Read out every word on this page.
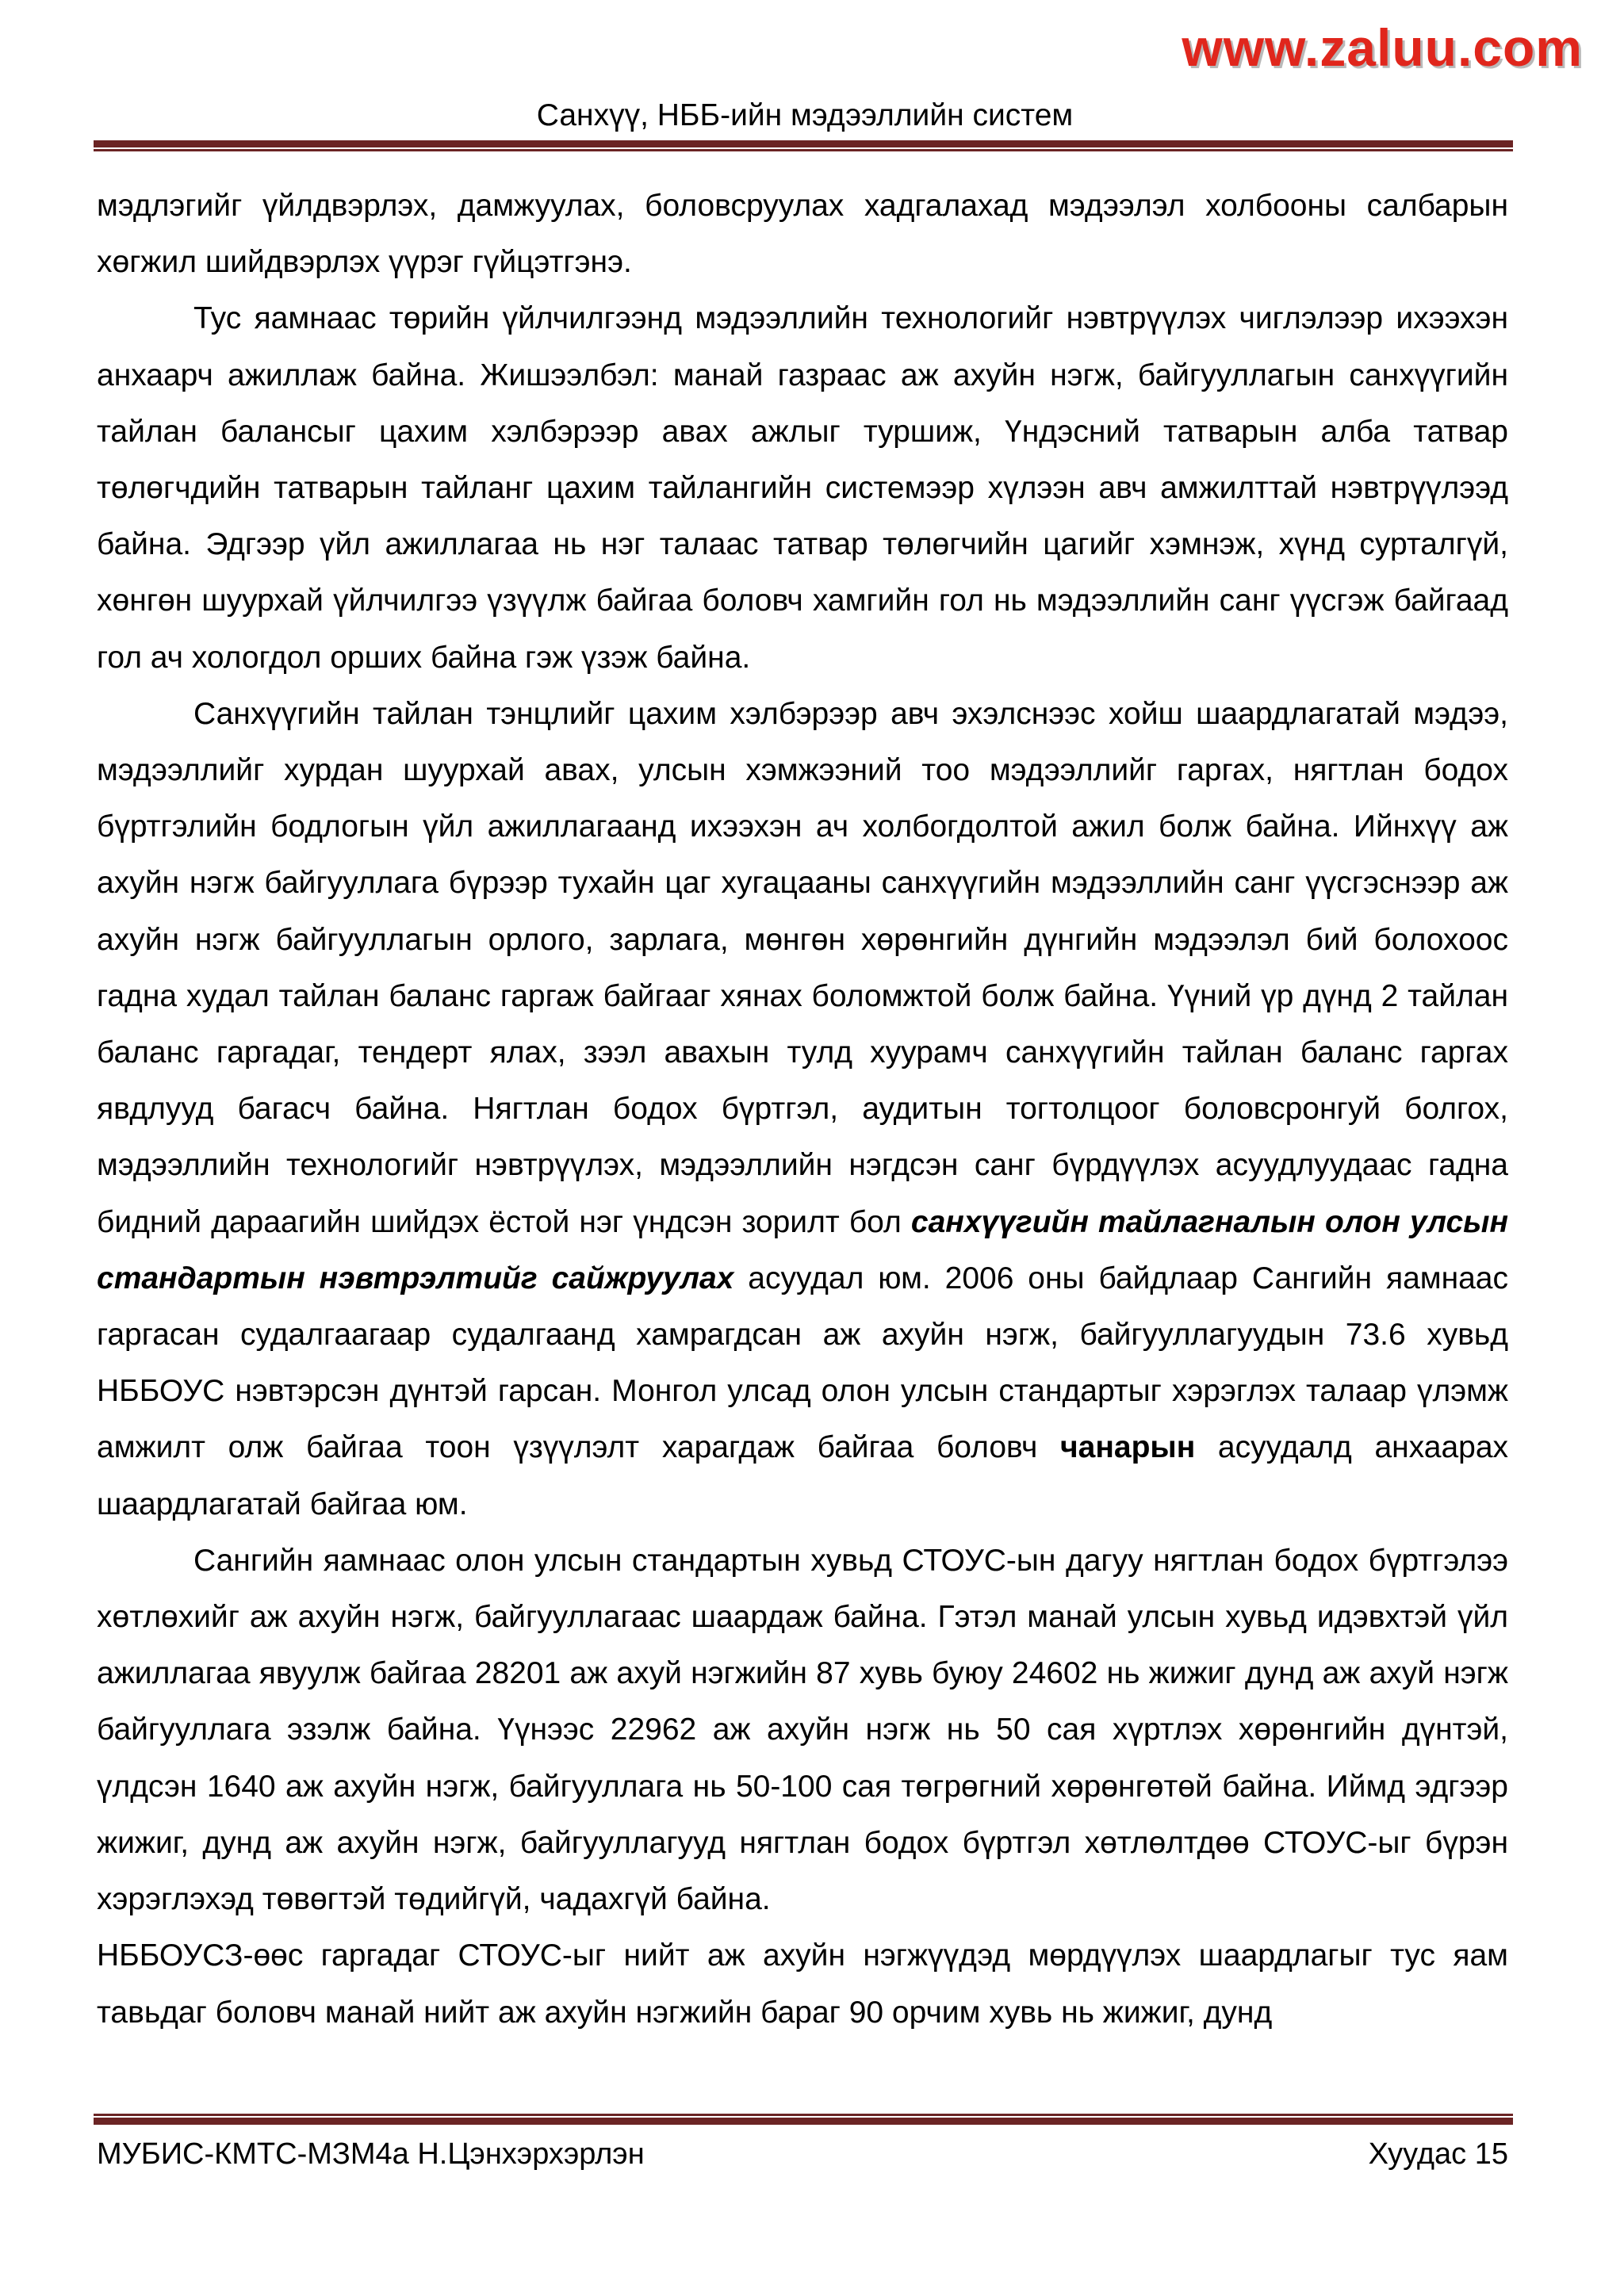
www.zaluu.com
Санхүү, НББ-ийн мэдээллийн систем

мэдлэгийг үйлдвэрлэх, дамжуулах, боловсруулах хадгалахад мэдээлэл холбооны салбарын хөгжил шийдвэрлэх үүрэг гүйцэтгэнэ.

Тус яамнаас төрийн үйлчилгээнд мэдээллийн технологийг нэвтрүүлэх чиглэлээр ихээхэн анхаарч ажиллаж байна. Жишээлбэл: манай газраас аж ахуйн нэгж, байгууллагын санхүүгийн тайлан балансыг цахим хэлбэрээр авах ажлыг туршиж, Үндэсний татварын алба татвар төлөгчдийн татварын тайланг цахим тайлангийн системээр хүлээн авч амжилттай нэвтрүүлээд байна. Эдгээр үйл ажиллагаа нь нэг талаас татвар төлөгчийн цагийг хэмнэж, хүнд сурталгүй, хөнгөн шуурхай үйлчилгээ үзүүлж байгаа боловч хамгийн гол нь мэдээллийн санг үүсгэж байгаад гол ач хологдол орших байна гэж үзэж байна.

Санхүүгийн тайлан тэнцлийг цахим хэлбэрээр авч эхэлснээс хойш шаардлагатай мэдээ, мэдээллийг хурдан шуурхай авах, улсын хэмжээний тоо мэдээллийг гаргах, нягтлан бодох бүртгэлийн бодлогын үйл ажиллагаанд ихээхэн ач холбогдолтой ажил болж байна. Ийнхүү аж ахуйн нэгж байгууллага бүрээр тухайн цаг хугацааны санхүүгийн мэдээллийн санг үүсгэснээр аж ахуйн нэгж байгууллагын орлого, зарлага, мөнгөн хөрөнгийн дүнгийн мэдээлэл бий болохоос гадна худал тайлан баланс гаргаж байгааг хянах боломжтой болж байна. Үүний үр дүнд 2 тайлан баланс гаргадаг, тендерт ялах, зээл авахын тулд хуурамч санхүүгийн тайлан баланс гаргах явдлууд багасч байна. Нягтлан бодох бүртгэл, аудитын тогтолцоог боловсронгуй болгох, мэдээллийн технологийг нэвтрүүлэх, мэдээллийн нэгдсэн санг бүрдүүлэх асуудлуудаас гадна бидний дараагийн шийдэх ёстой нэг үндсэн зорилт бол санхүүгийн тайлагналын олон улсын стандартын нэвтрэлтийг сайжруулах асуудал юм. 2006 оны байдлаар Сангийн яамнаас гаргасан судалгаагаар судалгаанд хамрагдсан аж ахуйн нэгж, байгууллагуудын 73.6 хувьд НББОУС нэвтэрсэн дүнтэй гарсан. Монгол улсад олон улсын стандартыг хэрэглэх талаар үлэмж амжилт олж байгаа тоон үзүүлэлт харагдаж байгаа боловч чанарын асуудалд анхаарах шаардлагатай байгаа юм.

Сангийн яамнаас олон улсын стандартын хувьд СТОУС-ын дагуу нягтлан бодох бүртгэлээ хөтлөхийг аж ахуйн нэгж, байгууллагаас шаардаж байна. Гэтэл манай улсын хувьд идэвхтэй үйл ажиллагаа явуулж байгаа 28201 аж ахуй нэгжийн 87 хувь буюу 24602 нь жижиг дунд аж ахуй нэгж байгууллага эзэлж байна. Үүнээс 22962 аж ахуйн нэгж нь 50 сая хүртлэх хөрөнгийн дүнтэй, үлдсэн 1640 аж ахуйн нэгж, байгууллага нь 50-100 сая төгрөгний хөрөнгөтөй байна. Иймд эдгээр жижиг, дунд аж ахуйн нэгж, байгууллагууд нягтлан бодох бүртгэл хөтлөлтдөө СТОУС-ыг бүрэн хэрэглэхэд төвөгтэй төдийгүй, чадахгүй байна.

НББОУСЗ-өөс гаргадаг СТОУС-ыг нийт аж ахуйн нэгжүүдэд мөрдүүлэх шаардлагыг тус яам тавьдаг боловч манай нийт аж ахуйн нэгжийн бараг 90 орчим хувь нь жижиг, дунд

МУБИС-КМТС-МЗМ4а Н.Цэнхэрхэрлэн	Хуудас 15
